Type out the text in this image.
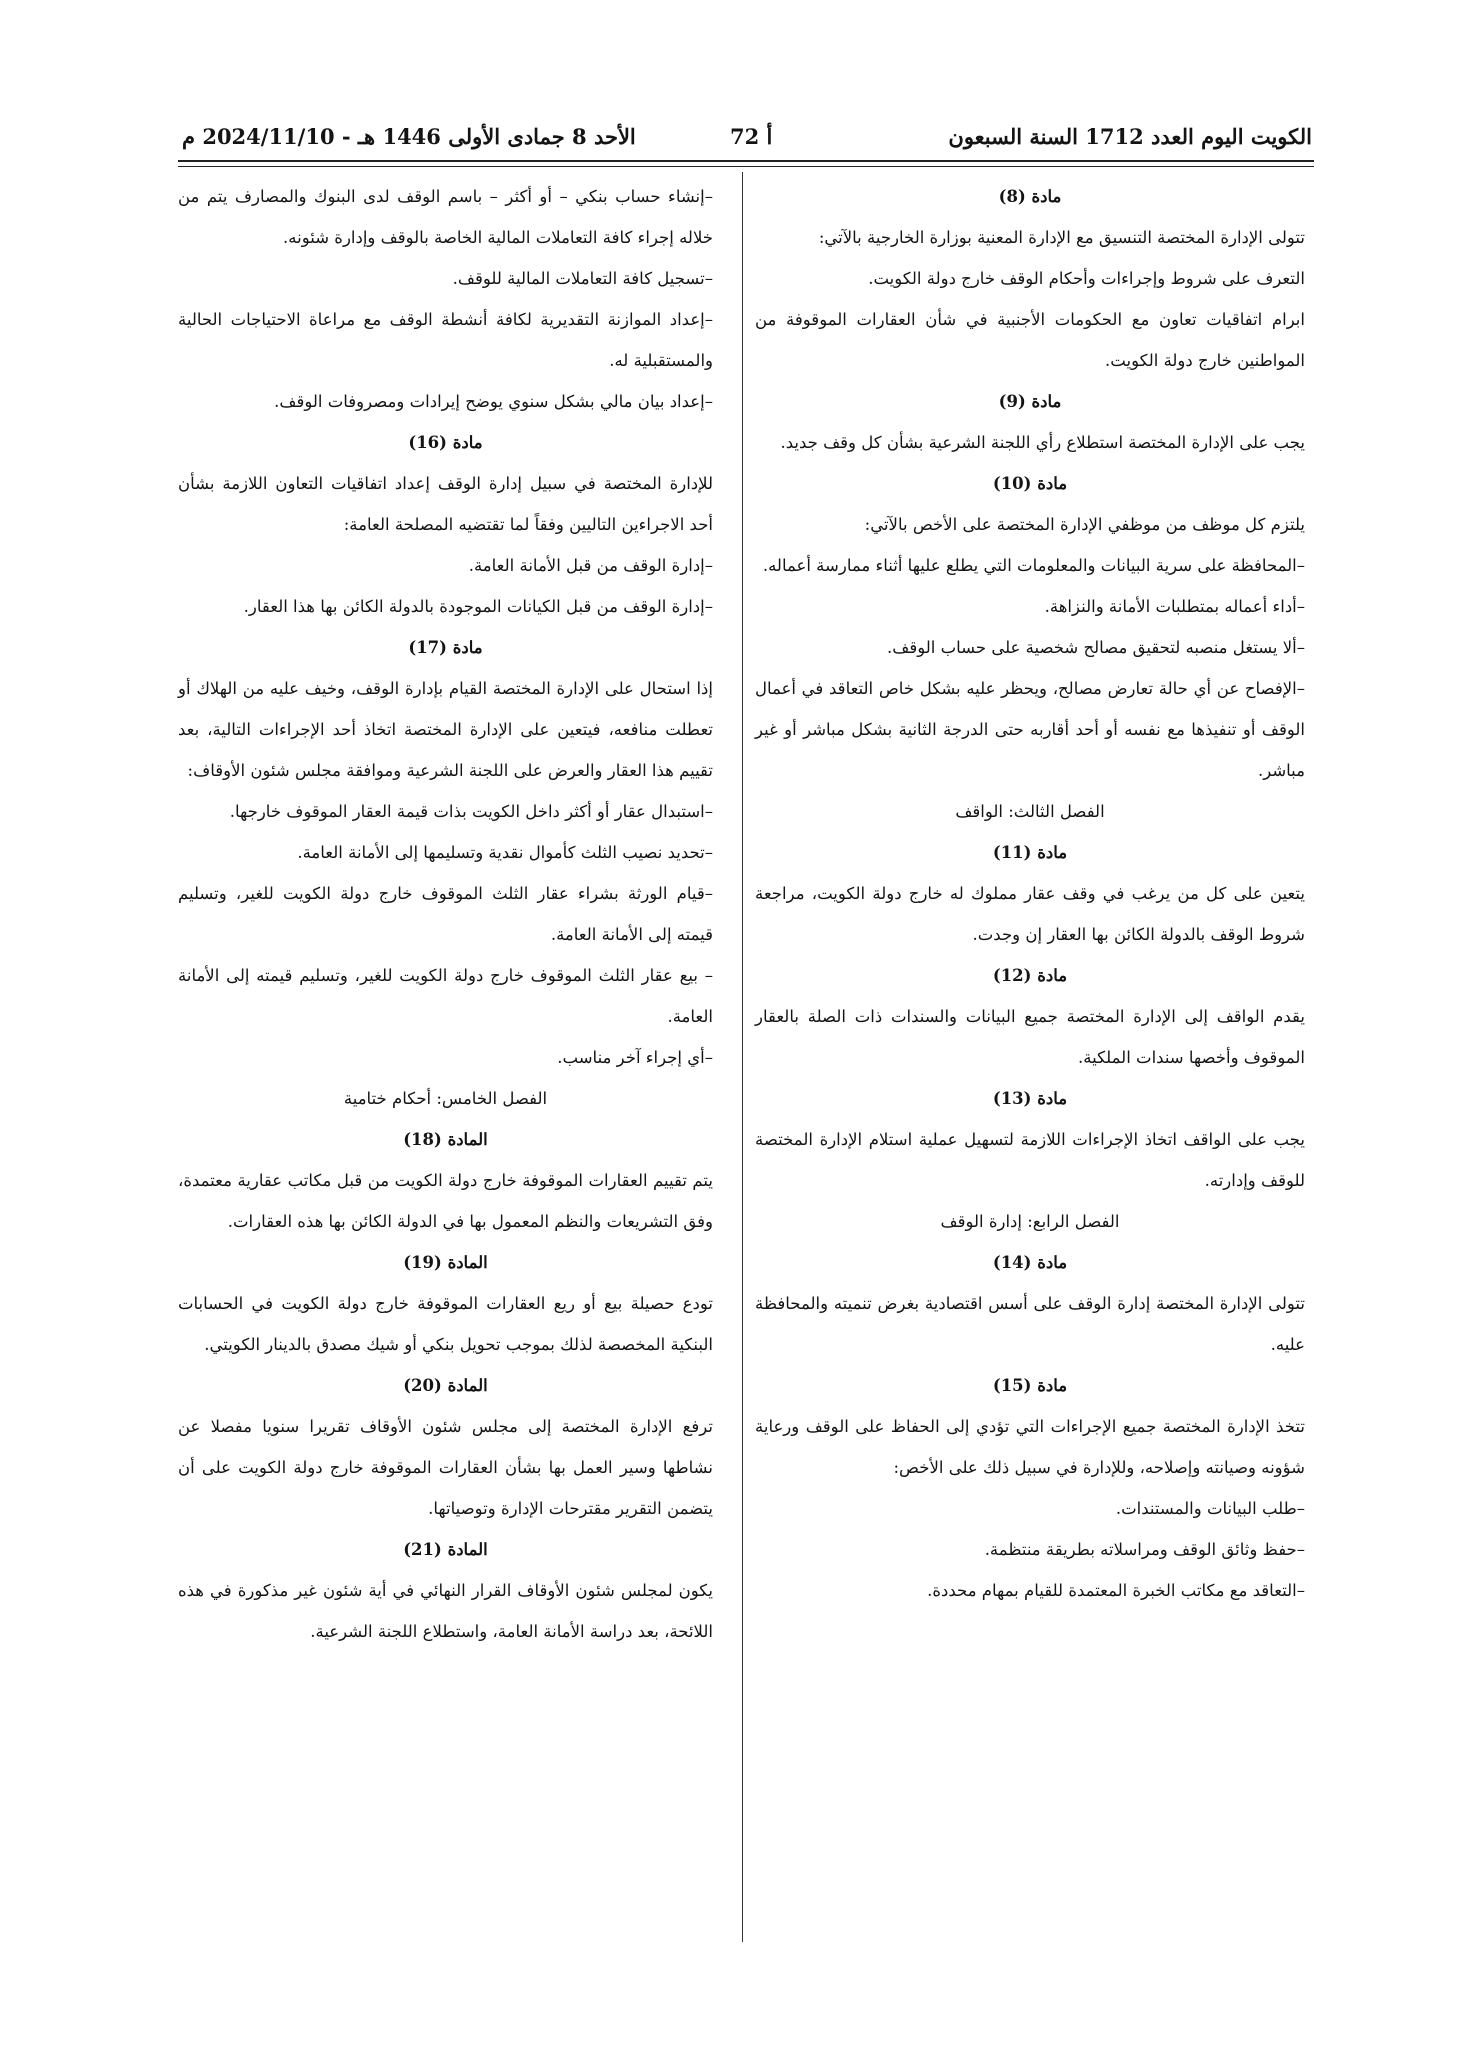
الكويت اليوم العدد 1712 السنة السبعون
أ 72
الأحد 8 جمادى الأولى 1446 هـ - 2024/11/10 م

مادة (8)

تتولى الإدارة المختصة التنسيق مع الإدارة المعنية بوزارة الخارجية بالآتي:

التعرف على شروط وإجراءات وأحكام الوقف خارج دولة الكويت.

ابرام اتفاقيات تعاون مع الحكومات الأجنبية في شأن العقارات الموقوفة من المواطنين خارج دولة الكويت.

مادة (9)

يجب على الإدارة المختصة استطلاع رأي اللجنة الشرعية بشأن كل وقف جديد.

مادة (10)

يلتزم كل موظف من موظفي الإدارة المختصة على الأخص بالآتي:

–المحافظة على سرية البيانات والمعلومات التي يطلع عليها أثناء ممارسة أعماله.

–أداء أعماله بمتطلبات الأمانة والنزاهة.

–ألا يستغل منصبه لتحقيق مصالح شخصية على حساب الوقف.

–الإفصاح عن أي حالة تعارض مصالح، ويحظر عليه بشكل خاص التعاقد في أعمال الوقف أو تنفيذها مع نفسه أو أحد أقاربه حتى الدرجة الثانية بشكل مباشر أو غير مباشر.

الفصل الثالث: الواقف

مادة (11)

يتعين على كل من يرغب في وقف عقار مملوك له خارج دولة الكويت، مراجعة شروط الوقف بالدولة الكائن بها العقار إن وجدت.

مادة (12)

يقدم الواقف إلى الإدارة المختصة جميع البيانات والسندات ذات الصلة بالعقار الموقوف وأخصها سندات الملكية.

مادة (13)

يجب على الواقف اتخاذ الإجراءات اللازمة لتسهيل عملية استلام الإدارة المختصة للوقف وإدارته.

الفصل الرابع: إدارة الوقف

مادة (14)

تتولى الإدارة المختصة إدارة الوقف على أسس اقتصادية بغرض تنميته والمحافظة عليه.

مادة (15)

تتخذ الإدارة المختصة جميع الإجراءات التي تؤدي إلى الحفاظ على الوقف ورعاية شؤونه وصيانته وإصلاحه، وللإدارة في سبيل ذلك على الأخص:

–طلب البيانات والمستندات.

–حفظ وثائق الوقف ومراسلاته بطريقة منتظمة.

–التعاقد مع مكاتب الخبرة المعتمدة للقيام بمهام محددة.

–إنشاء حساب بنكي – أو أكثر – باسم الوقف لدى البنوك والمصارف يتم من خلاله إجراء كافة التعاملات المالية الخاصة بالوقف وإدارة شئونه.

–تسجيل كافة التعاملات المالية للوقف.

–إعداد الموازنة التقديرية لكافة أنشطة الوقف مع مراعاة الاحتياجات الحالية والمستقبلية له.

–إعداد بيان مالي بشكل سنوي يوضح إيرادات ومصروفات الوقف.

مادة (16)

للإدارة المختصة في سبيل إدارة الوقف إعداد اتفاقيات التعاون اللازمة بشأن أحد الاجراءين التاليين وفقاً لما تقتضيه المصلحة العامة:

–إدارة الوقف من قبل الأمانة العامة.

–إدارة الوقف من قبل الكيانات الموجودة بالدولة الكائن بها هذا العقار.

مادة (17)

إذا استحال على الإدارة المختصة القيام بإدارة الوقف، وخيف عليه من الهلاك أو تعطلت منافعه، فيتعين على الإدارة المختصة اتخاذ أحد الإجراءات التالية، بعد تقييم هذا العقار والعرض على اللجنة الشرعية وموافقة مجلس شئون الأوقاف:

–استبدال عقار أو أكثر داخل الكويت بذات قيمة العقار الموقوف خارجها.

–تحديد نصيب الثلث كأموال نقدية وتسليمها إلى الأمانة العامة.

–قيام الورثة بشراء عقار الثلث الموقوف خارج دولة الكويت للغير، وتسليم قيمته إلى الأمانة العامة.

– بيع عقار الثلث الموقوف خارج دولة الكويت للغير، وتسليم قيمته إلى الأمانة العامة.

–أي إجراء آخر مناسب.

الفصل الخامس: أحكام ختامية

المادة (18)

يتم تقييم العقارات الموقوفة خارج دولة الكويت من قبل مكاتب عقارية معتمدة، وفق التشريعات والنظم المعمول بها في الدولة الكائن بها هذه العقارات.

المادة (19)

تودع حصيلة بيع أو ريع العقارات الموقوفة خارج دولة الكويت في الحسابات البنكية المخصصة لذلك بموجب تحويل بنكي أو شيك مصدق بالدينار الكويتي.

المادة (20)

ترفع الإدارة المختصة إلى مجلس شئون الأوقاف تقريرا سنويا مفصلا عن نشاطها وسير العمل بها بشأن العقارات الموقوفة خارج دولة الكويت على أن يتضمن التقرير مقترحات الإدارة وتوصياتها.

المادة (21)

يكون لمجلس شئون الأوقاف القرار النهائي في أية شئون غير مذكورة في هذه اللائحة، بعد دراسة الأمانة العامة، واستطلاع اللجنة الشرعية.
